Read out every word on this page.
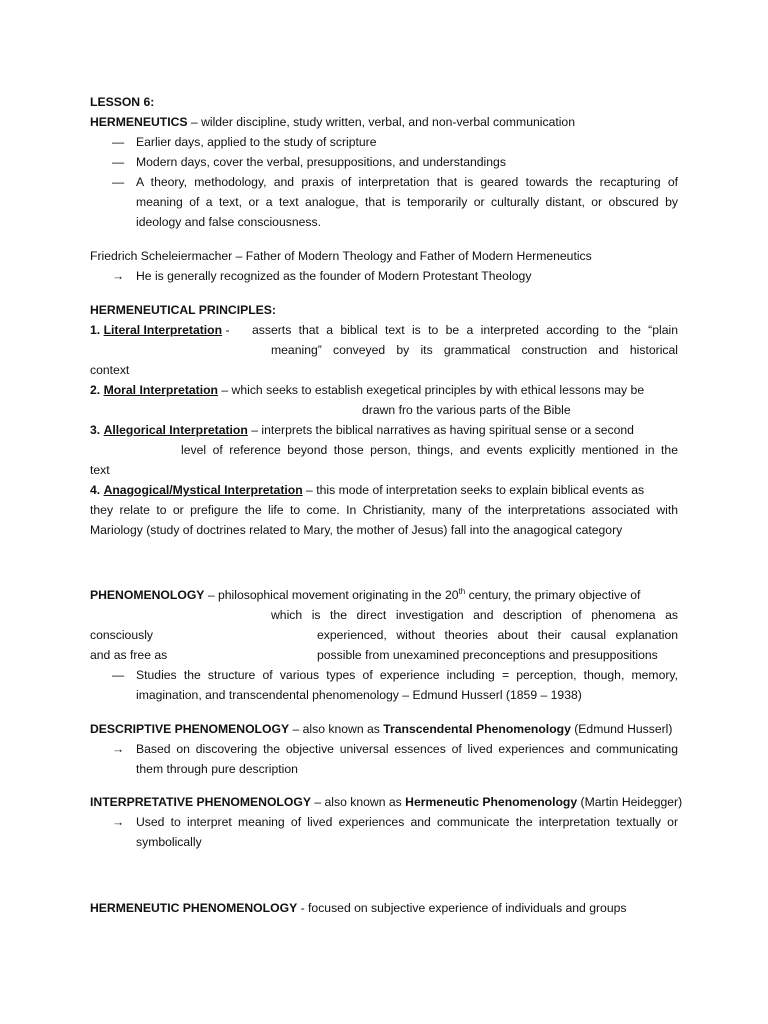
LESSON 6:
HERMENEUTICS – wilder discipline, study written, verbal, and non-verbal communication
— Earlier days, applied to the study of scripture
— Modern days, cover the verbal, presuppositions, and understandings
— A theory, methodology, and praxis of interpretation that is geared towards the recapturing of
meaning of a text, or a text analogue, that is temporarily or culturally distant, or obscured by
ideology and false consciousness.
Friedrich Scheleiermacher – Father of Modern Theology and Father of Modern Hermeneutics
→ He is generally recognized as the founder of Modern Protestant Theology
HERMENEUTICAL PRINCIPLES:
1. Literal Interpretation - asserts that a biblical text is to be a interpreted according to the “plain
meaning” conveyed by its grammatical construction and historical
context
2. Moral Interpretation – which seeks to establish exegetical principles by with ethical lessons may be
drawn fro the various parts of the Bible
3. Allegorical Interpretation – interprets the biblical narratives as having spiritual sense or a second
level of reference beyond those person, things, and events explicitly mentioned in the
text
4. Anagogical/Mystical Interpretation – this mode of interpretation seeks to explain biblical events as
they relate to or prefigure the life to come. In Christianity, many of the interpretations associated with
Mariology (study of doctrines related to Mary, the mother of Jesus) fall into the anagogical category
PHENOMENOLOGY – philosophical movement originating in the 20th century, the primary objective of
which is the direct investigation and description of phenomena as
consciously	experienced, without theories about their causal explanation
and as free as	possible from unexamined preconceptions and presuppositions
— Studies the structure of various types of experience including = perception, though, memory,
imagination, and transcendental phenomenology – Edmund Husserl (1859 – 1938)
DESCRIPTIVE PHENOMENOLOGY – also known as Transcendental Phenomenology (Edmund Husserl)
→ Based on discovering the objective universal essences of lived experiences and communicating
them through pure description
INTERPRETATIVE PHENOMENOLOGY – also known as Hermeneutic Phenomenology (Martin Heidegger)
→ Used to interpret meaning of lived experiences and communicate the interpretation textually or
symbolically
HERMENEUTIC PHENOMENOLOGY - focused on subjective experience of individuals and groups
